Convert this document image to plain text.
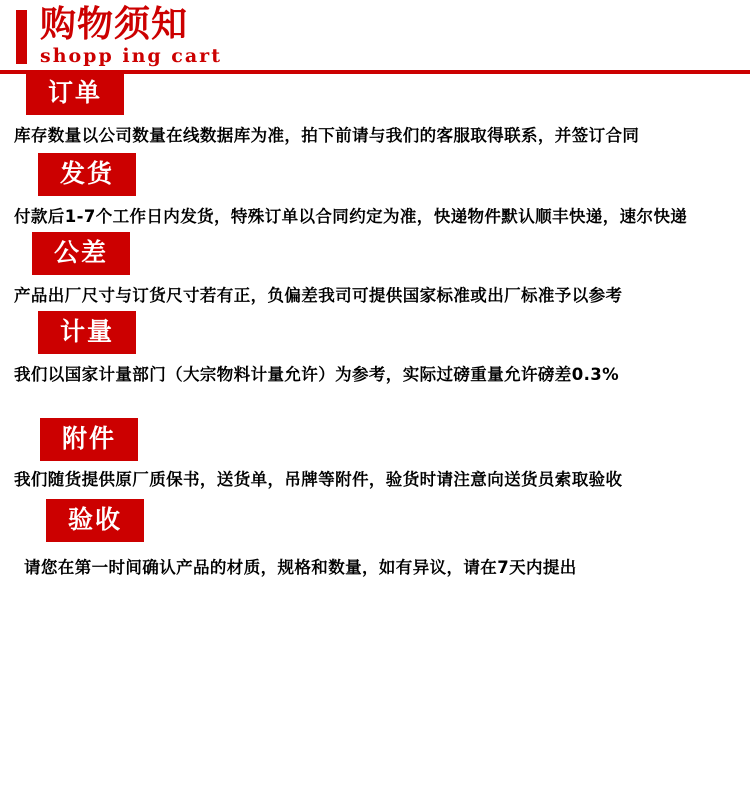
购物须知
shopp ing cart
订单

库存数量以公司数量在线数据库为准，拍下前请与我们的客服取得联系，并签订合同

发货

付款后1-7个工作日内发货，特殊订单以合同约定为准，快递物件默认顺丰快递，速尔快递

公差

产品出厂尺寸与订货尺寸若有正，负偏差我司可提供国家标准或出厂标准予以参考

计量

我们以国家计量部门（大宗物料计量允许）为参考，实际过磅重量允许磅差0.3%

附件

我们随货提供原厂质保书，送货单，吊牌等附件，验货时请注意向送货员索取验收

验收

请您在第一时间确认产品的材质，规格和数量，如有异议，请在7天内提出
